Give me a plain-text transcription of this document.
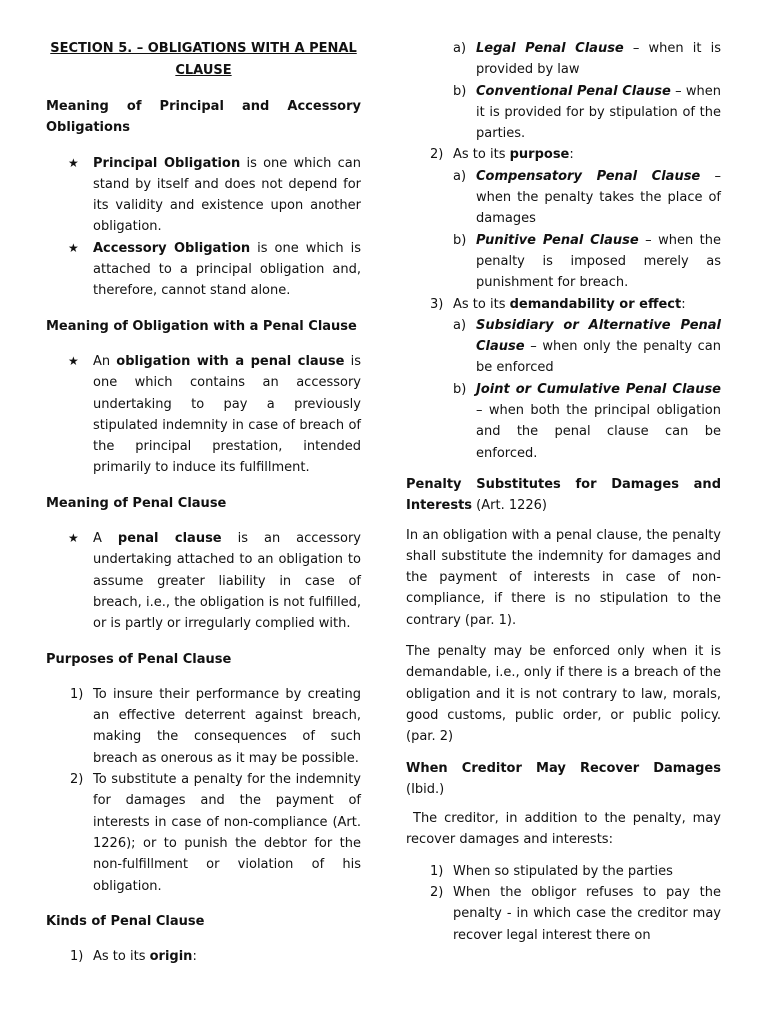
SECTION 5. – OBLIGATIONS WITH A PENAL CLAUSE

Meaning of Principal and Accessory Obligations

★ Principal Obligation is one which can stand by itself and does not depend for its validity and existence upon another obligation.
★ Accessory Obligation is one which is attached to a principal obligation and, therefore, cannot stand alone.

Meaning of Obligation with a Penal Clause

★ An obligation with a penal clause is one which contains an accessory undertaking to pay a previously stipulated indemnity in case of breach of the principal prestation, intended primarily to induce its fulfillment.

Meaning of Penal Clause

★ A penal clause is an accessory undertaking attached to an obligation to assume greater liability in case of breach, i.e., the obligation is not fulfilled, or is partly or irregularly complied with.

Purposes of Penal Clause

1) To insure their performance by creating an effective deterrent against breach, making the consequences of such breach as onerous as it may be possible.
2) To substitute a penalty for the indemnity for damages and the payment of interests in case of non-compliance (Art. 1226); or to punish the debtor for the non-fulfillment or violation of his obligation.

Kinds of Penal Clause

1) As to its origin:
a) Legal Penal Clause – when it is provided by law
b) Conventional Penal Clause – when it is provided for by stipulation of the parties.
2) As to its purpose:
a) Compensatory Penal Clause – when the penalty takes the place of damages
b) Punitive Penal Clause – when the penalty is imposed merely as punishment for breach.
3) As to its demandability or effect:
a) Subsidiary or Alternative Penal Clause – when only the penalty can be enforced
b) Joint or Cumulative Penal Clause – when both the principal obligation and the penal clause can be enforced.

Penalty Substitutes for Damages and Interests (Art. 1226)

In an obligation with a penal clause, the penalty shall substitute the indemnity for damages and the payment of interests in case of non-compliance, if there is no stipulation to the contrary (par. 1).

The penalty may be enforced only when it is demandable, i.e., only if there is a breach of the obligation and it is not contrary to law, morals, good customs, public order, or public policy. (par. 2)

When Creditor May Recover Damages (Ibid.)

The creditor, in addition to the penalty, may recover damages and interests:

1) When so stipulated by the parties
2) When the obligor refuses to pay the penalty - in which case the creditor may recover legal interest there on
